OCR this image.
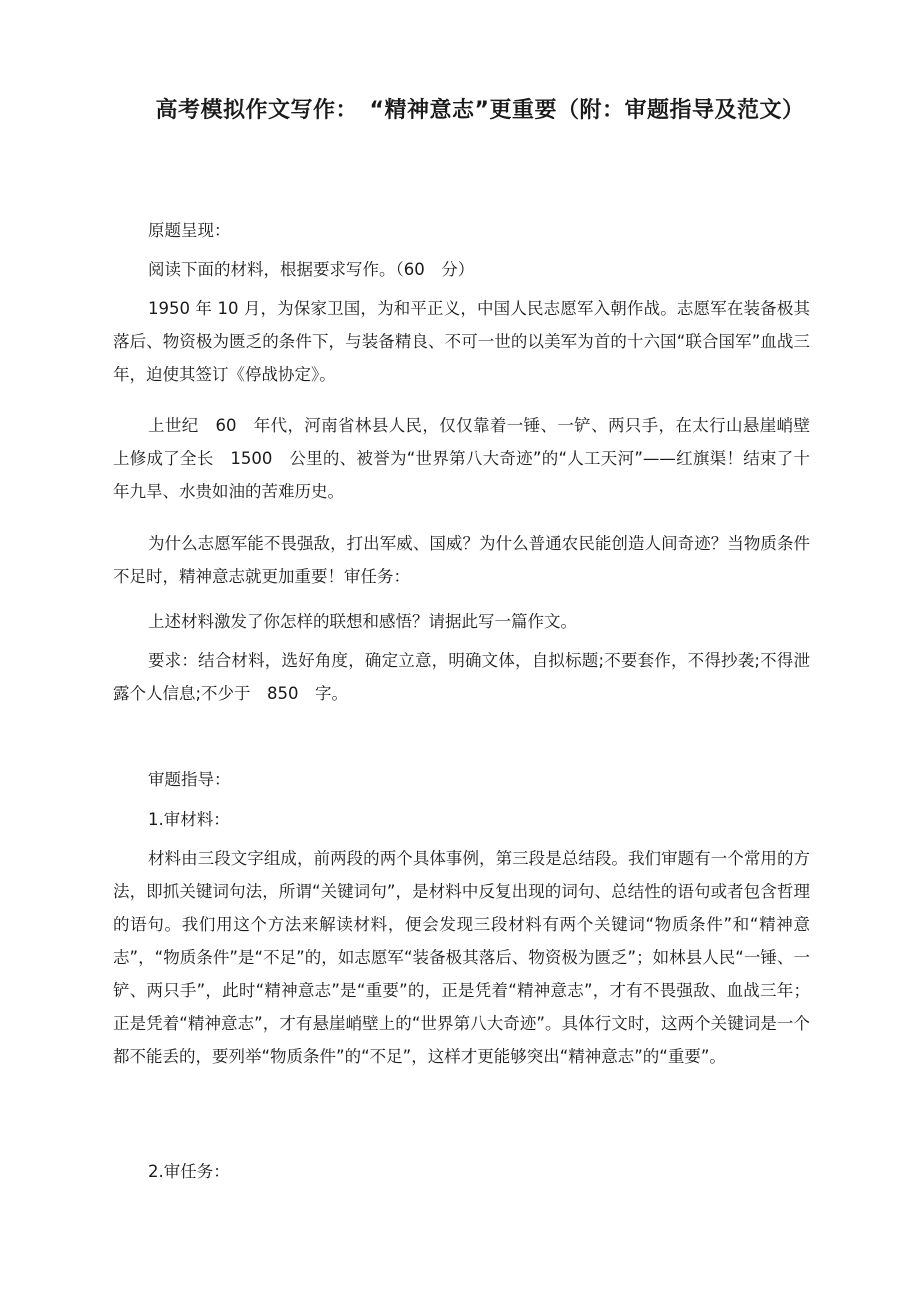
高考模拟作文写作：　“精神意志”更重要（附：审题指导及范文）
原题呈现：
阅读下面的材料，根据要求写作。（60　分）
1950 年 10 月，为保家卫国，为和平正义，中国人民志愿军入朝作战。志愿军在装备极其落后、物资极为匮乏的条件下，与装备精良、不可一世的以美军为首的十六国“联合国军”血战三年，迫使其签订《停战协定》。
上世纪　60　年代，河南省林县人民，仅仅靠着一锤、一铲、两只手，在太行山悬崖峭壁上修成了全长　1500　公里的、被誉为“世界第八大奇迹”的“人工天河”——红旗渠！结束了十年九旱、水贵如油的苦难历史。
为什么志愿军能不畏强敌，打出军威、国威？为什么普通农民能创造人间奇迹？当物质条件不足时，精神意志就更加重要！审任务：
上述材料激发了你怎样的联想和感悟？请据此写一篇作文。
要求：结合材料，选好角度，确定立意，明确文体，自拟标题;不要套作，不得抄袭;不得泄露个人信息;不少于　850　字。
审题指导：
1.审材料：
材料由三段文字组成，前两段的两个具体事例，第三段是总结段。我们审题有一个常用的方法，即抓关键词句法，所谓“关键词句”，是材料中反复出现的词句、总结性的语句或者包含哲理的语句。我们用这个方法来解读材料，便会发现三段材料有两个关键词“物质条件”和“精神意志”，“物质条件”是“不足”的，如志愿军“装备极其落后、物资极为匮乏”；如林县人民“一锤、一铲、两只手”，此时“精神意志”是“重要”的，正是凭着“精神意志”，才有不畏强敌、血战三年；正是凭着“精神意志”，才有悬崖峭壁上的“世界第八大奇迹”。具体行文时，这两个关键词是一个都不能丢的，要列举“物质条件”的“不足”，这样才更能够突出“精神意志”的“重要”。
2.审任务：
